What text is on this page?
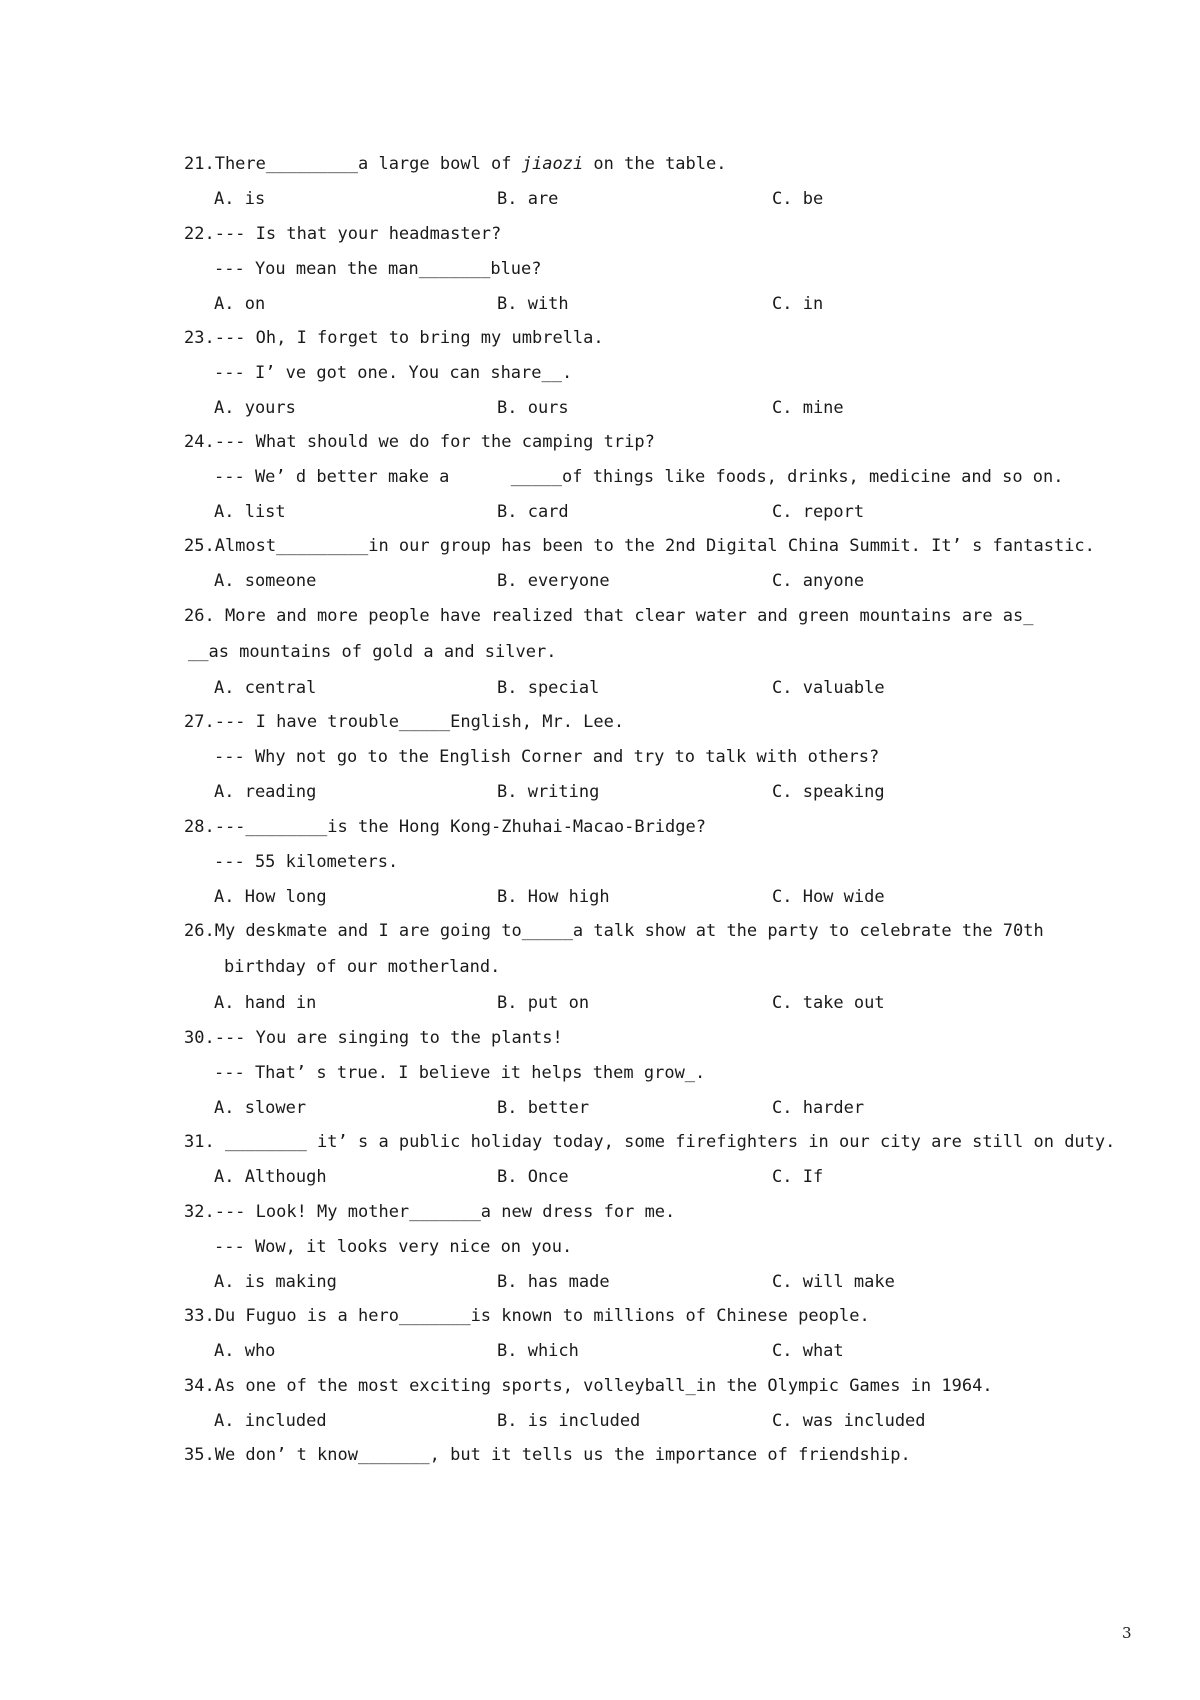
21.There_________a large bowl of jiaozi on the table.
A. is	B. are	C. be
22.--- Is that your headmaster?
--- You mean the man_______blue?
A. on	B. with	C. in
23.--- Oh, I forget to bring my umbrella.
--- I’ ve got one. You can share__.
A. yours	B. ours	C. mine
24.--- What should we do for the camping trip?
--- We’ d better make a      _____of things like foods, drinks, medicine and so on.
A. list	B. card	C. report
25.Almost_________in our group has been to the 2nd Digital China Summit. It’ s fantastic.
A. someone	B. everyone	C. anyone
26. More and more people have realized that clear water and green mountains are as_
__as mountains of gold a and silver.
A. central	B. special	C. valuable
27.--- I have trouble_____English, Mr. Lee.
--- Why not go to the English Corner and try to talk with others?
A. reading	B. writing	C. speaking
28.---________is the Hong Kong-Zhuhai-Macao-Bridge?
--- 55 kilometers.
A. How long	B. How high	C. How wide
26.My deskmate and I are going to_____a talk show at the party to celebrate the 70th
birthday of our motherland.
A. hand in	B. put on	C. take out
30.--- You are singing to the plants!
--- That’ s true. I believe it helps them grow_.
A. slower	B. better	C. harder
31. ________ it’ s a public holiday today, some firefighters in our city are still on duty.
A. Although	B. Once	C. If
32.--- Look! My mother_______a new dress for me.
--- Wow, it looks very nice on you.
A. is making	B. has made	C. will make
33.Du Fuguo is a hero_______is known to millions of Chinese people.
A. who	B. which	C. what
34.As one of the most exciting sports, volleyball_in the Olympic Games in 1964.
A. included	B. is included	C. was included
35.We don’ t know_______, but it tells us the importance of friendship.
3
